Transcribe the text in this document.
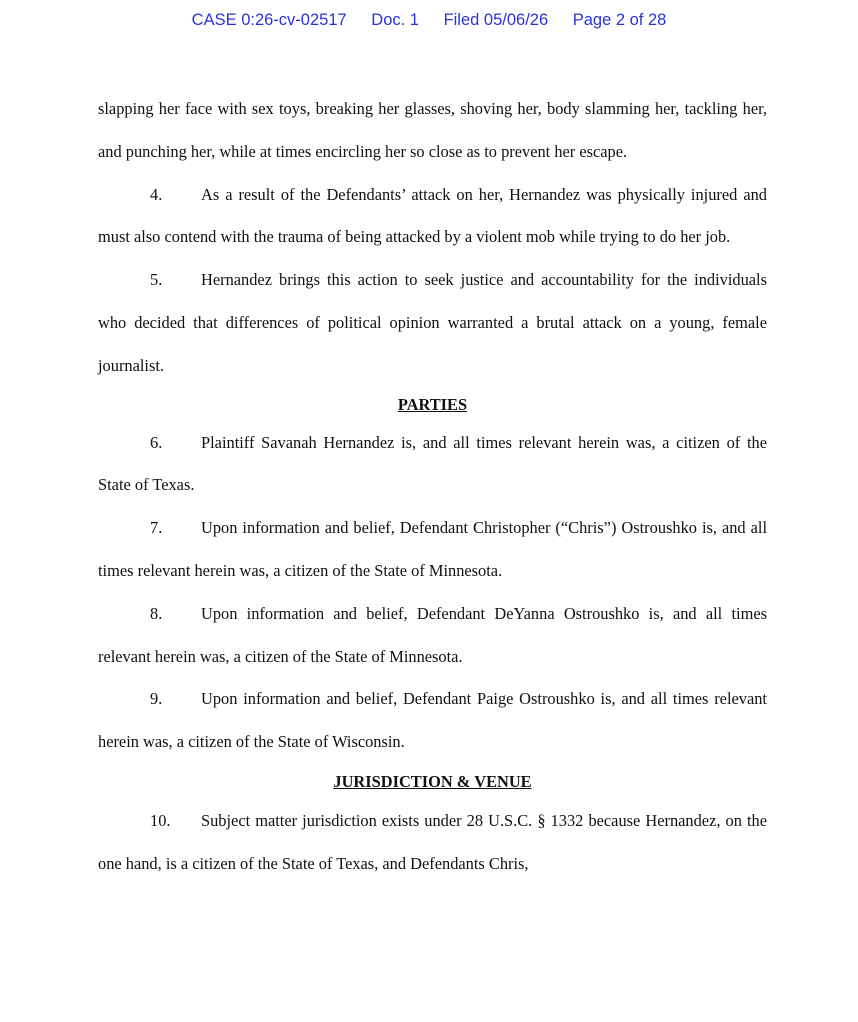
CASE 0:26-cv-02517 Doc. 1 Filed 05/06/26 Page 2 of 28

slapping her face with sex toys, breaking her glasses, shoving her, body slamming her, tackling her, and punching her, while at times encircling her so close as to prevent her escape.

4. As a result of the Defendants’ attack on her, Hernandez was physically injured and must also contend with the trauma of being attacked by a violent mob while trying to do her job.

5. Hernandez brings this action to seek justice and accountability for the individuals who decided that differences of political opinion warranted a brutal attack on a young, female journalist.

PARTIES

6. Plaintiff Savanah Hernandez is, and all times relevant herein was, a citizen of the State of Texas.

7. Upon information and belief, Defendant Christopher (“Chris”) Ostroushko is, and all times relevant herein was, a citizen of the State of Minnesota.

8. Upon information and belief, Defendant DeYanna Ostroushko is, and all times relevant herein was, a citizen of the State of Minnesota.

9. Upon information and belief, Defendant Paige Ostroushko is, and all times relevant herein was, a citizen of the State of Wisconsin.

JURISDICTION & VENUE

10. Subject matter jurisdiction exists under 28 U.S.C. § 1332 because Hernandez, on the one hand, is a citizen of the State of Texas, and Defendants Chris,
